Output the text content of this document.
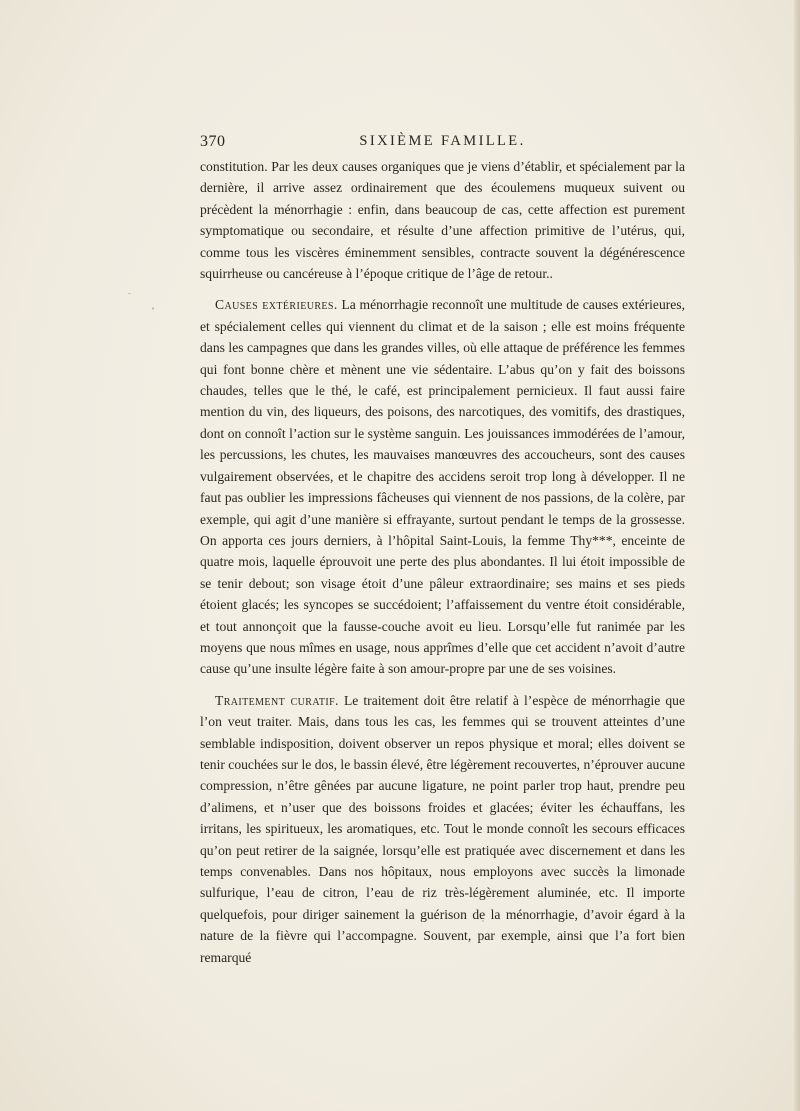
370	SIXIÈME FAMILLE.

constitution. Par les deux causes organiques que je viens d’établir, et spécialement par la dernière, il arrive assez ordinairement que des écoulemens muqueux suivent ou précèdent la ménorrhagie : enfin, dans beaucoup de cas, cette affection est purement symptomatique ou secondaire, et résulte d’une affection primitive de l’utérus, qui, comme tous les viscères éminemment sensibles, contracte souvent la dégénérescence squirrheuse ou cancéreuse à l’époque critique de l’âge de retour..

Causes extérieures. La ménorrhagie reconnoît une multitude de causes extérieures, et spécialement celles qui viennent du climat et de la saison ; elle est moins fréquente dans les campagnes que dans les grandes villes, où elle attaque de préférence les femmes qui font bonne chère et mènent une vie sédentaire. L’abus qu’on y fait des boissons chaudes, telles que le thé, le café, est principalement pernicieux. Il faut aussi faire mention du vin, des liqueurs, des poisons, des narcotiques, des vomitifs, des drastiques, dont on connoît l’action sur le système sanguin. Les jouissances immodérées de l’amour, les percussions, les chutes, les mauvaises manœuvres des accoucheurs, sont des causes vulgairement observées, et le chapitre des accidens seroit trop long à développer. Il ne faut pas oublier les impressions fâcheuses qui viennent de nos passions, de la colère, par exemple, qui agit d’une manière si effrayante, surtout pendant le temps de la grossesse. On apporta ces jours derniers, à l’hôpital Saint-Louis, la femme Thy***, enceinte de quatre mois, laquelle éprouvoit une perte des plus abondantes. Il lui étoit impossible de se tenir debout; son visage étoit d’une pâleur extraordinaire; ses mains et ses pieds étoient glacés; les syncopes se succédoient; l’affaissement du ventre étoit considérable, et tout annonçoit que la fausse-couche avoit eu lieu. Lorsqu’elle fut ranimée par les moyens que nous mîmes en usage, nous apprîmes d’elle que cet accident n’avoit d’autre cause qu’une insulte légère faite à son amour-propre par une de ses voisines.

Traitement curatif. Le traitement doit être relatif à l’espèce de ménorrhagie que l’on veut traiter. Mais, dans tous les cas, les femmes qui se trouvent atteintes d’une semblable indisposition, doivent observer un repos physique et moral; elles doivent se tenir couchées sur le dos, le bassin élevé, être légèrement recouvertes, n’éprouver aucune compression, n’être gênées par aucune ligature, ne point parler trop haut, prendre peu d’alimens, et n’user que des boissons froides et glacées; éviter les échauffans, les irritans, les spiritueux, les aromatiques, etc. Tout le monde connoît les secours efficaces qu’on peut retirer de la saignée, lorsqu’elle est pratiquée avec discernement et dans les temps convenables. Dans nos hôpitaux, nous employons avec succès la limonade sulfurique, l’eau de citron, l’eau de riz très-légèrement aluminée, etc. Il importe quelquefois, pour diriger sainement la guérison de la ménorrhagie, d’avoir égard à la nature de la fièvre qui l’accompagne. Souvent, par exemple, ainsi que l’a fort bien remarqué
